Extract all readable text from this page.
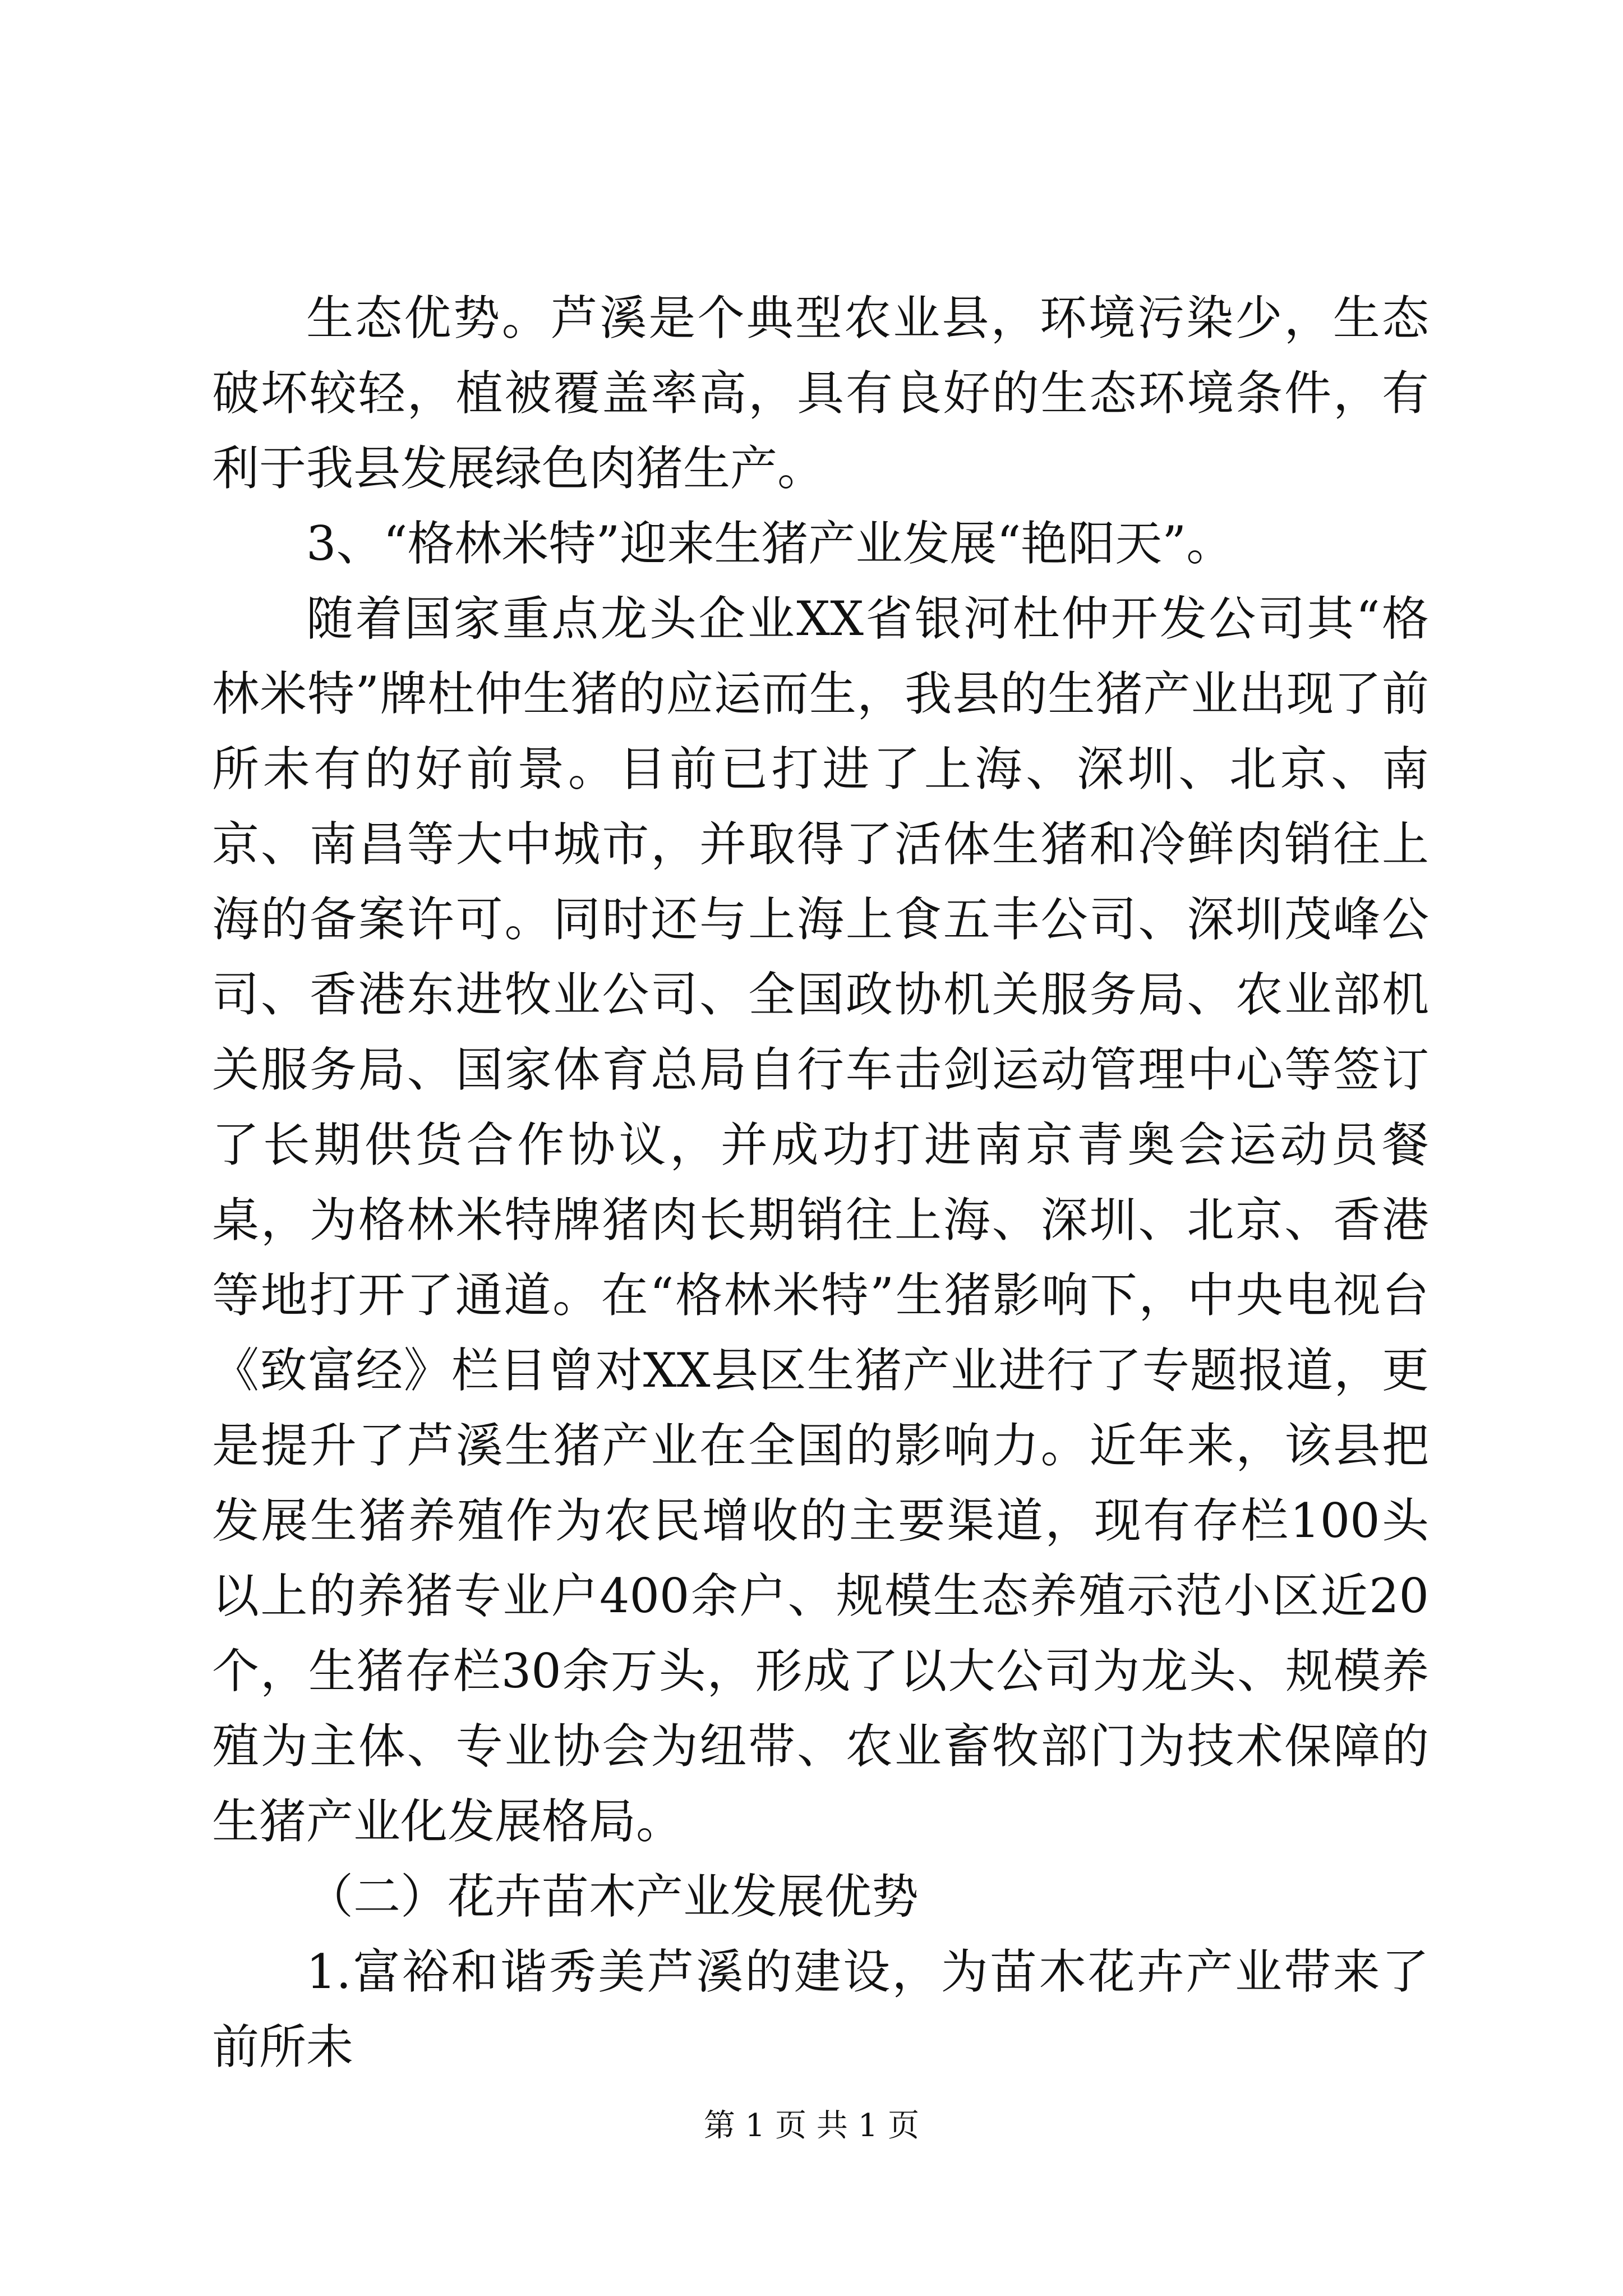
生态优势。芦溪是个典型农业县，环境污染少，生态破坏较轻，植被覆盖率高，具有良好的生态环境条件，有利于我县发展绿色肉猪生产。

3、“格林米特”迎来生猪产业发展“艳阳天”。

随着国家重点龙头企业XX省银河杜仲开发公司其“格林米特”牌杜仲生猪的应运而生，我县的生猪产业出现了前所未有的好前景。目前已打进了上海、深圳、北京、南京、南昌等大中城市，并取得了活体生猪和冷鲜肉销往上海的备案许可。同时还与上海上食五丰公司、深圳茂峰公司、香港东进牧业公司、全国政协机关服务局、农业部机关服务局、国家体育总局自行车击剑运动管理中心等签订了长期供货合作协议，并成功打进南京青奥会运动员餐桌，为格林米特牌猪肉长期销往上海、深圳、北京、香港等地打开了通道。在“格林米特”生猪影响下，中央电视台《致富经》栏目曾对XX县区生猪产业进行了专题报道，更是提升了芦溪生猪产业在全国的影响力。近年来，该县把发展生猪养殖作为农民增收的主要渠道，现有存栏100头以上的养猪专业户400余户、规模生态养殖示范小区近20个，生猪存栏30余万头，形成了以大公司为龙头、规模养殖为主体、专业协会为纽带、农业畜牧部门为技术保障的生猪产业化发展格局。

（二）花卉苗木产业发展优势

1.富裕和谐秀美芦溪的建设，为苗木花卉产业带来了前所未

第 1 页 共 1 页
